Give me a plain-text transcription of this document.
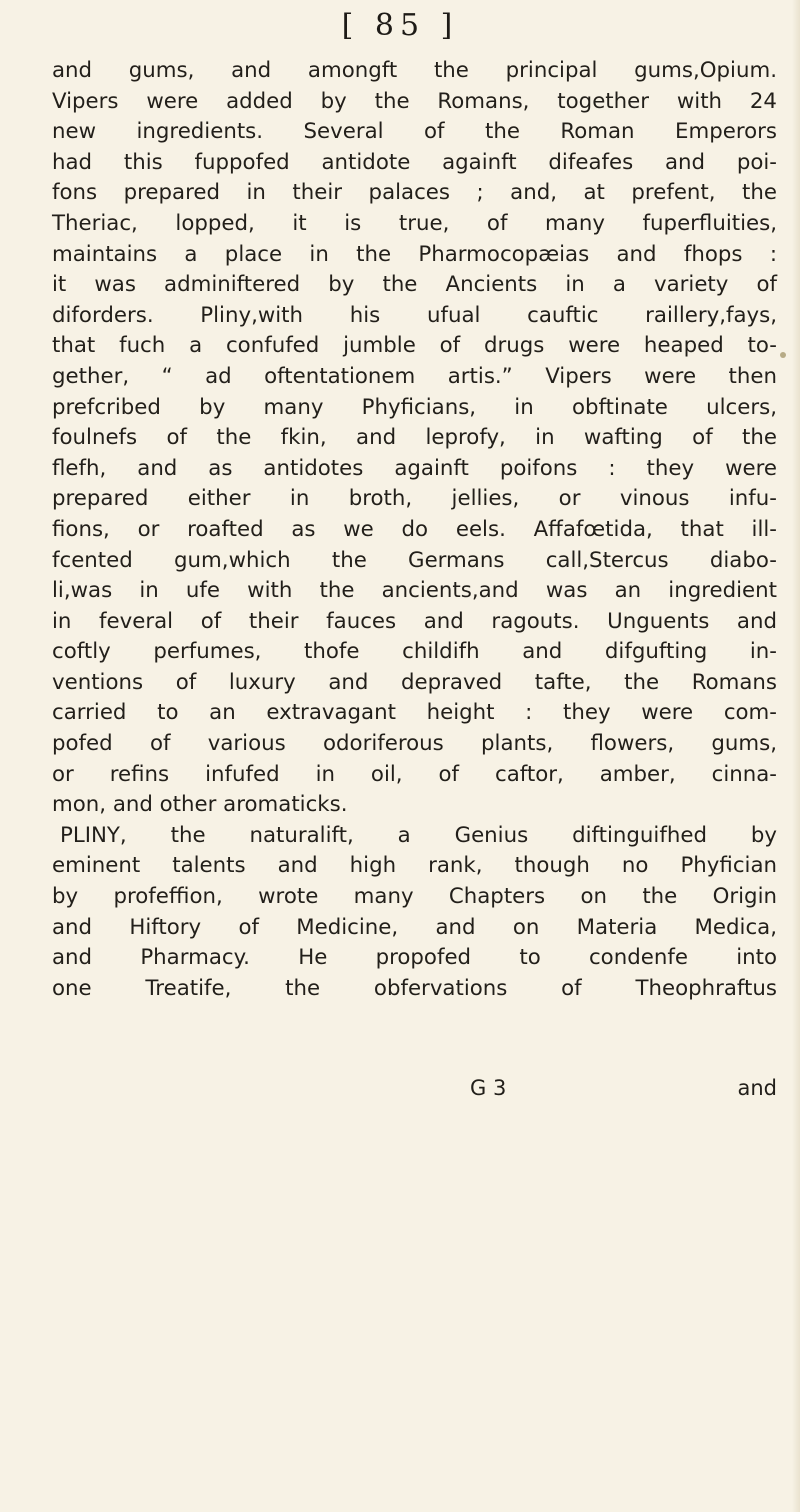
[ 85 ]
and gums, and amongft the principal gums,Opium.
Vipers were added by the Romans, together with 24
new ingredients. Several of the Roman Emperors
had this fuppofed antidote againft difeafes and poi-
fons prepared in their palaces ; and, at prefent, the
Theriac, lopped, it is true, of many fuperfluities,
maintains a place in the Pharmocopæias and fhops :
it was adminiftered by the Ancients in a variety of
diforders. Pliny,with his ufual cauftic raillery,fays,
that fuch a confufed jumble of drugs were heaped to-
gether, “ ad oftentationem artis.” Vipers were then
prefcribed by many Phyficians, in obftinate ulcers,
foulnefs of the fkin, and leprofy, in wafting of the
flefh, and as antidotes againft poifons : they were
prepared either in broth, jellies, or vinous infu-
fions, or roafted as we do eels. Affafœtida, that ill-
fcented gum,which the Germans call,Stercus diabo-
li,was in ufe with the ancients,and was an ingredient
in feveral of their fauces and ragouts. Unguents and
coftly perfumes, thofe childifh and difgufting in-
ventions of luxury and depraved tafte, the Romans
carried to an extravagant height : they were com-
pofed of various odoriferous plants, flowers, gums,
or refins infufed in oil, of caftor, amber, cinna-
mon, and other aromaticks.
PLINY, the naturalift, a Genius diftinguifhed by
eminent talents and high rank, though no Phyfician
by profeffion, wrote many Chapters on the Origin
and Hiftory of Medicine, and on Materia Medica,
and Pharmacy. He propofed to condenfe into
one Treatife, the obfervations of Theophraftus
G 3	and
